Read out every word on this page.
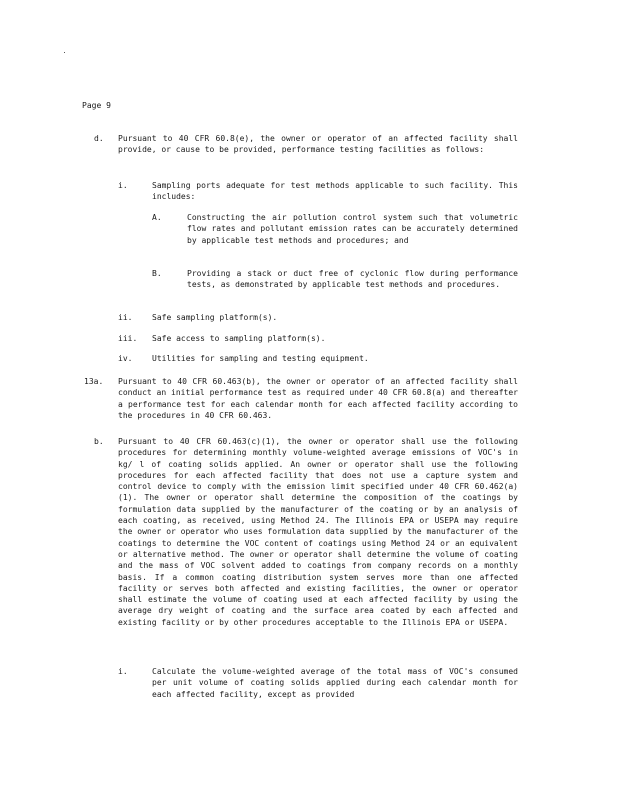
Page 9
d. Pursuant to 40 CFR 60.8(e), the owner or operator of an affected facility shall provide, or cause to be provided, performance testing facilities as follows:
i.	Sampling ports adequate for test methods applicable to such facility. This includes:
A.	Constructing the air pollution control system such that volumetric flow rates and pollutant emission rates can be accurately determined by applicable test methods and procedures; and
B.	Providing a stack or duct free of cyclonic flow during performance tests, as demonstrated by applicable test methods and procedures.
ii. Safe sampling platform(s).
iii. Safe access to sampling platform(s).
iv. Utilities for sampling and testing equipment.
13a. Pursuant to 40 CFR 60.463(b), the owner or operator of an affected facility shall conduct an initial performance test as required under 40 CFR 60.8(a) and thereafter a performance test for each calendar month for each affected facility according to the procedures in 40 CFR 60.463.
b. Pursuant to 40 CFR 60.463(c)(1), the owner or operator shall use the following procedures for determining monthly volume-weighted average emissions of VOC's in kg/ l of coating solids applied. An owner or operator shall use the following procedures for each affected facility that does not use a capture system and control device to comply with the emission limit specified under 40 CFR 60.462(a)(1). The owner or operator shall determine the composition of the coatings by formulation data supplied by the manufacturer of the coating or by an analysis of each coating, as received, using Method 24. The Illinois EPA or USEPA may require the owner or operator who uses formulation data supplied by the manufacturer of the coatings to determine the VOC content of coatings using Method 24 or an equivalent or alternative method. The owner or operator shall determine the volume of coating and the mass of VOC solvent added to coatings from company records on a monthly basis. If a common coating distribution system serves more than one affected facility or serves both affected and existing facilities, the owner or operator shall estimate the volume of coating used at each affected facility by using the average dry weight of coating and the surface area coated by each affected and existing facility or by other procedures acceptable to the Illinois EPA or USEPA.
i.	Calculate the volume-weighted average of the total mass of VOC's consumed per unit volume of coating solids applied during each calendar month for each affected facility, except as provided
